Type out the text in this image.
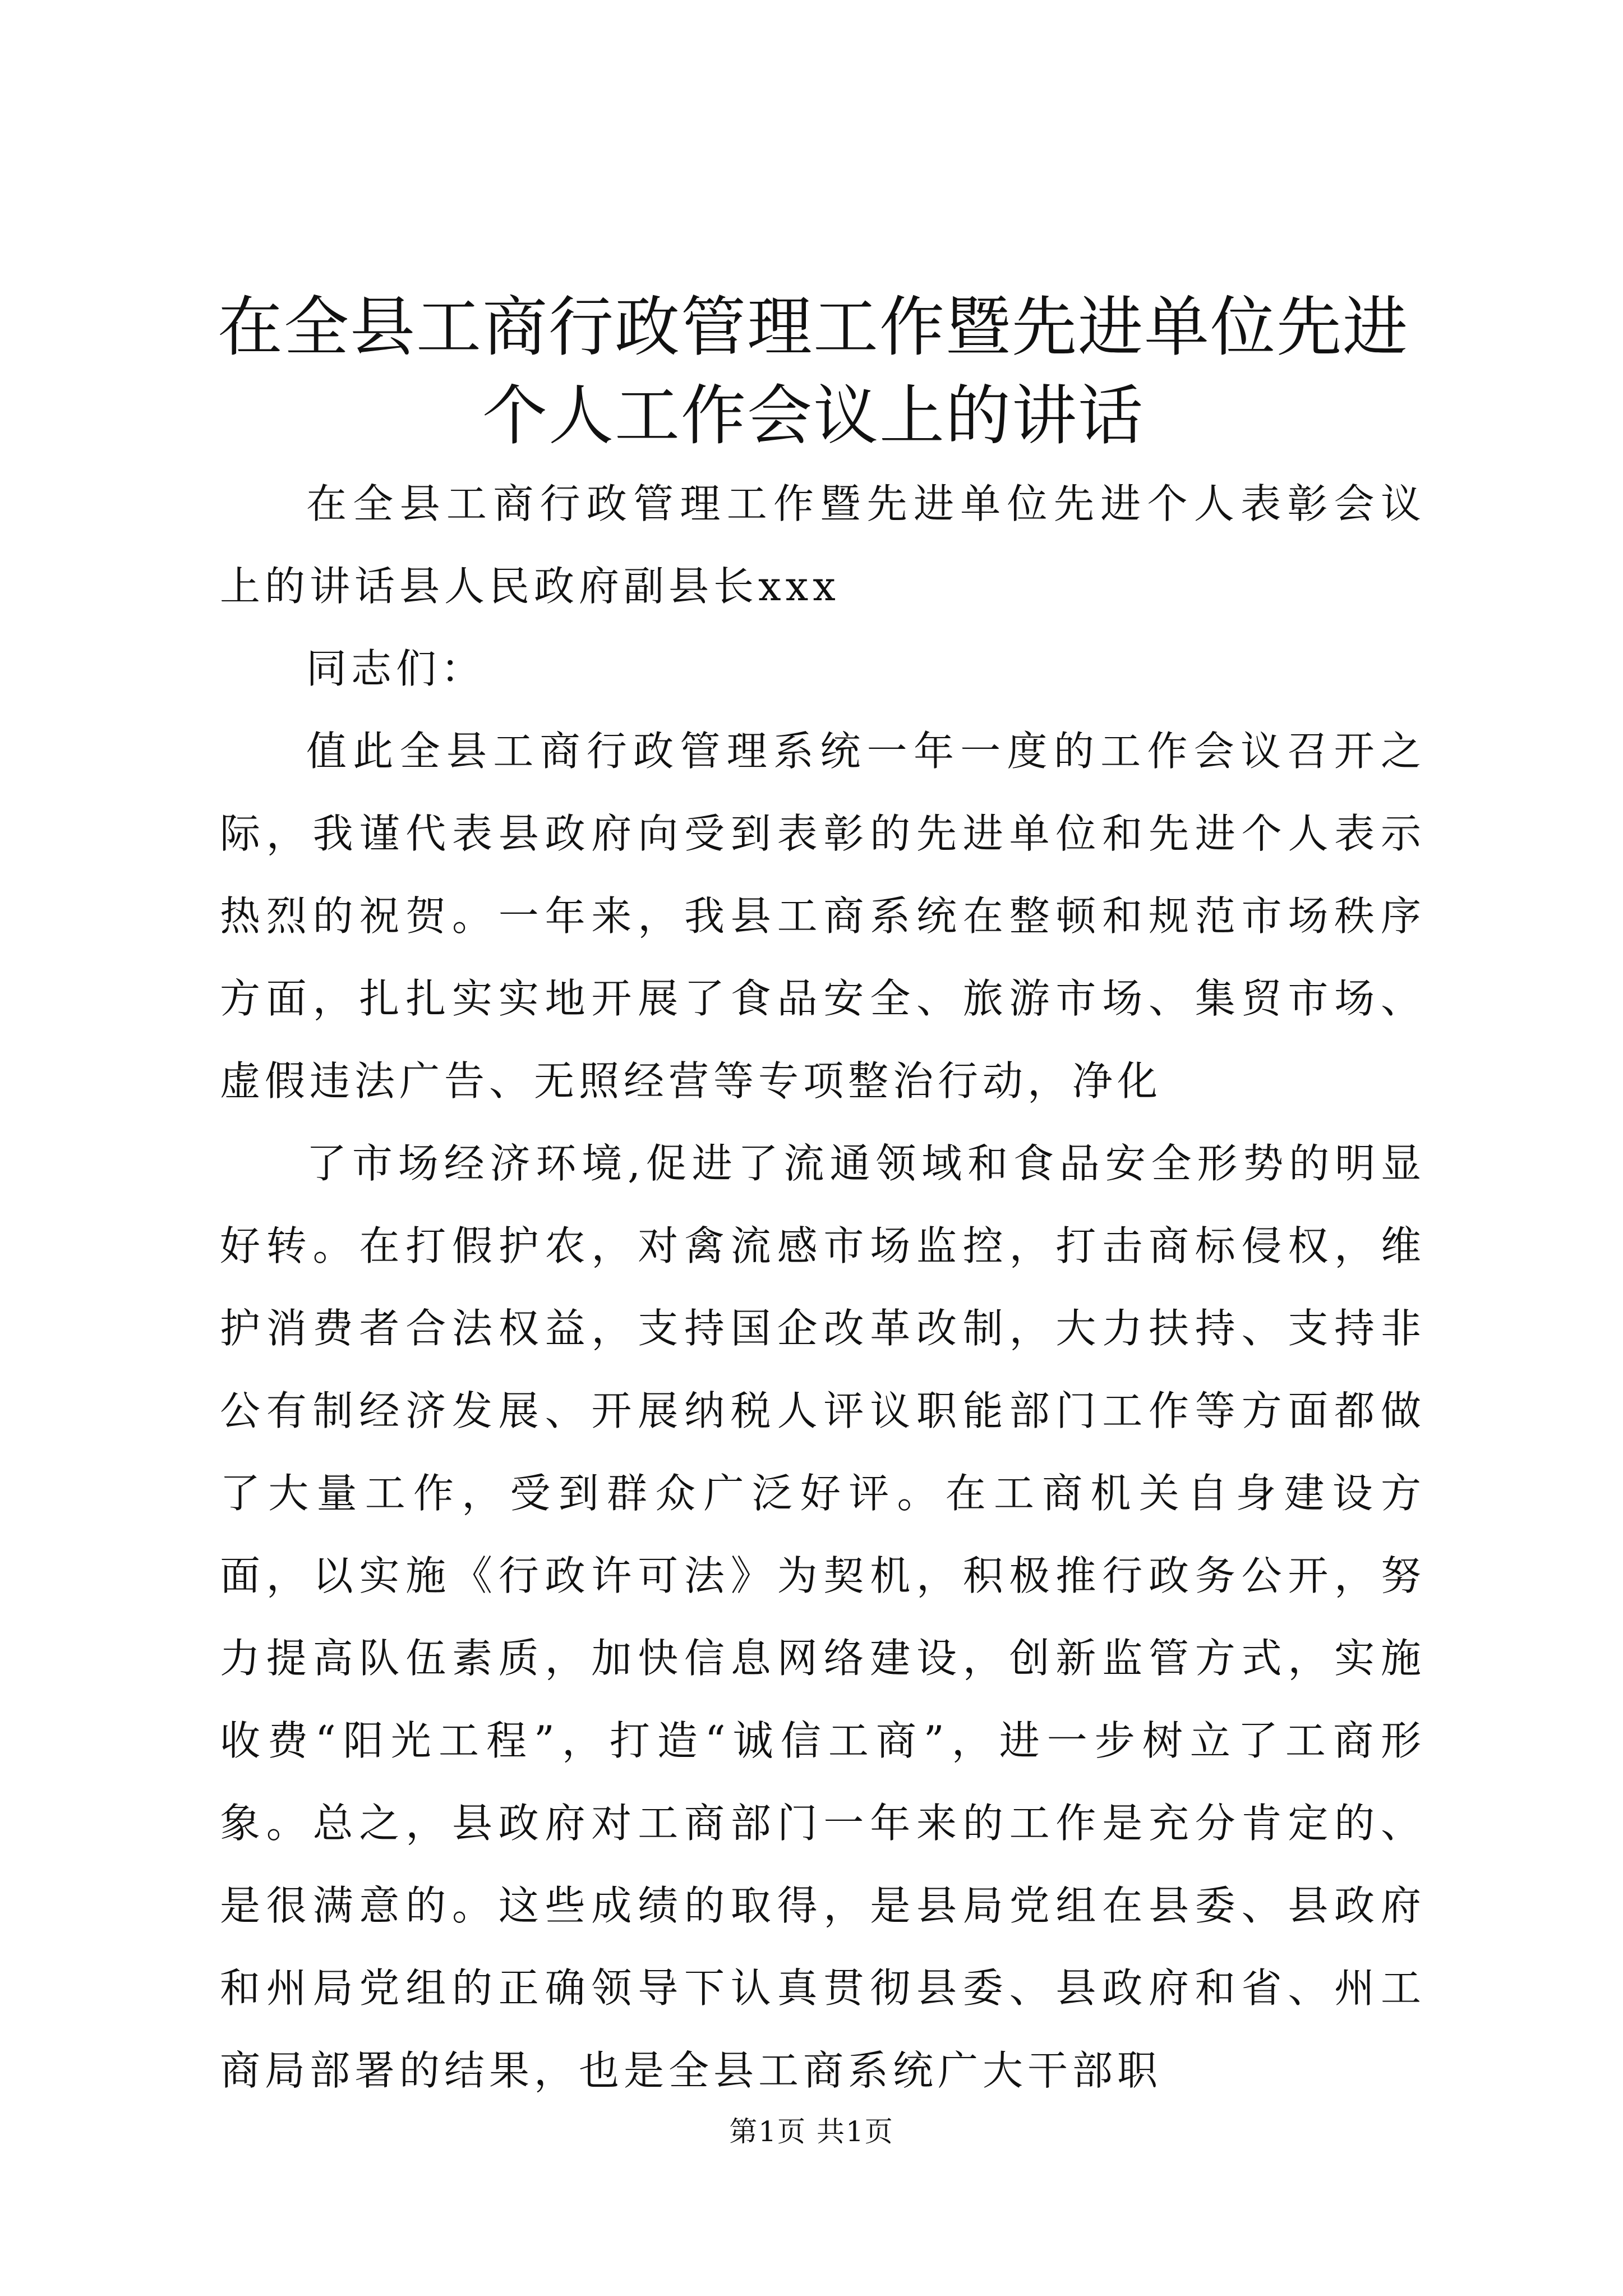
在全县工商行政管理工作暨先进单位先进个人工作会议上的讲话

在全县工商行政管理工作暨先进单位先进个人表彰会议上的讲话县人民政府副县长xxx

同志们：

值此全县工商行政管理系统一年一度的工作会议召开之际，我谨代表县政府向受到表彰的先进单位和先进个人表示热烈的祝贺。一年来，我县工商系统在整顿和规范市场秩序方面，扎扎实实地开展了食品安全、旅游市场、集贸市场、虚假违法广告、无照经营等专项整治行动，净化

了市场经济环境,促进了流通领域和食品安全形势的明显好转。在打假护农，对禽流感市场监控，打击商标侵权，维护消费者合法权益，支持国企改革改制，大力扶持、支持非公有制经济发展、开展纳税人评议职能部门工作等方面都做了大量工作，受到群众广泛好评。在工商机关自身建设方面，以实施《行政许可法》为契机，积极推行政务公开，努力提高队伍素质，加快信息网络建设，创新监管方式，实施收费“阳光工程”，打造“诚信工商”，进一步树立了工商形象。总之，县政府对工商部门一年来的工作是充分肯定的、是很满意的。这些成绩的取得，是县局党组在县委、县政府和州局党组的正确领导下认真贯彻县委、县政府和省、州工商局部署的结果，也是全县工商系统广大干部职

第1页 共1页
